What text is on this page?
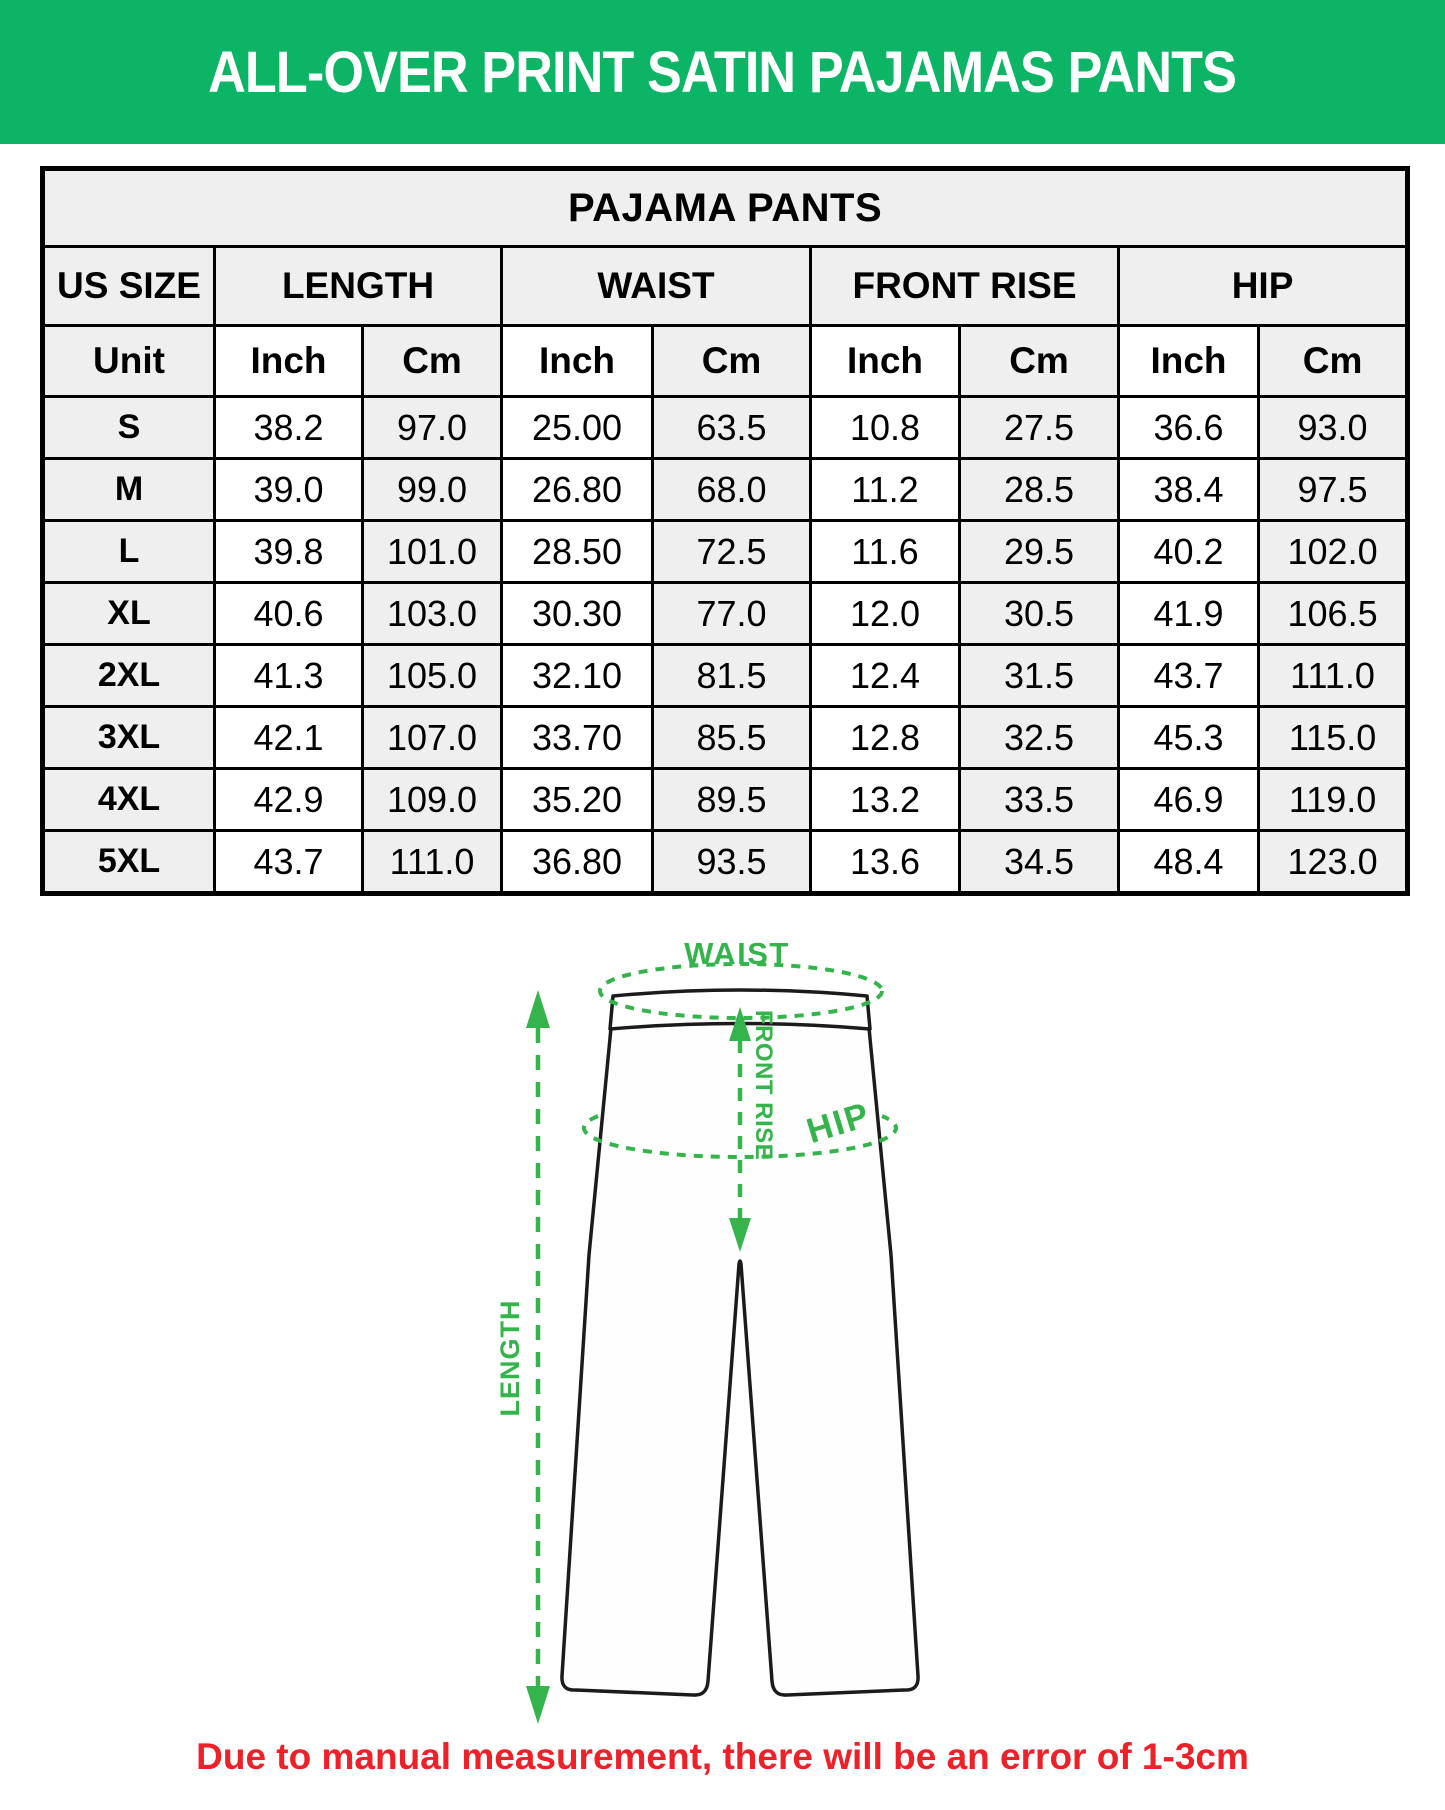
ALL-OVER PRINT SATIN PAJAMAS PANTS
PAJAMA PANTS								
US SIZE	LENGTH		WAIST		FRONT RISE		HIP	
Unit	Inch	Cm	Inch	Cm	Inch	Cm	Inch	Cm
S	38.2	97.0	25.00	63.5	10.8	27.5	36.6	93.0
M	39.0	99.0	26.80	68.0	11.2	28.5	38.4	97.5
L	39.8	101.0	28.50	72.5	11.6	29.5	40.2	102.0
XL	40.6	103.0	30.30	77.0	12.0	30.5	41.9	106.5
2XL	41.3	105.0	32.10	81.5	12.4	31.5	43.7	111.0
3XL	42.1	107.0	33.70	85.5	12.8	32.5	45.3	115.0
4XL	42.9	109.0	35.20	89.5	13.2	33.5	46.9	119.0
5XL	43.7	111.0	36.80	93.5	13.6	34.5	48.4	123.0
WAIST
FRONT RISE HIP
LENGTH
Due to manual measurement, there will be an error of 1-3cm
